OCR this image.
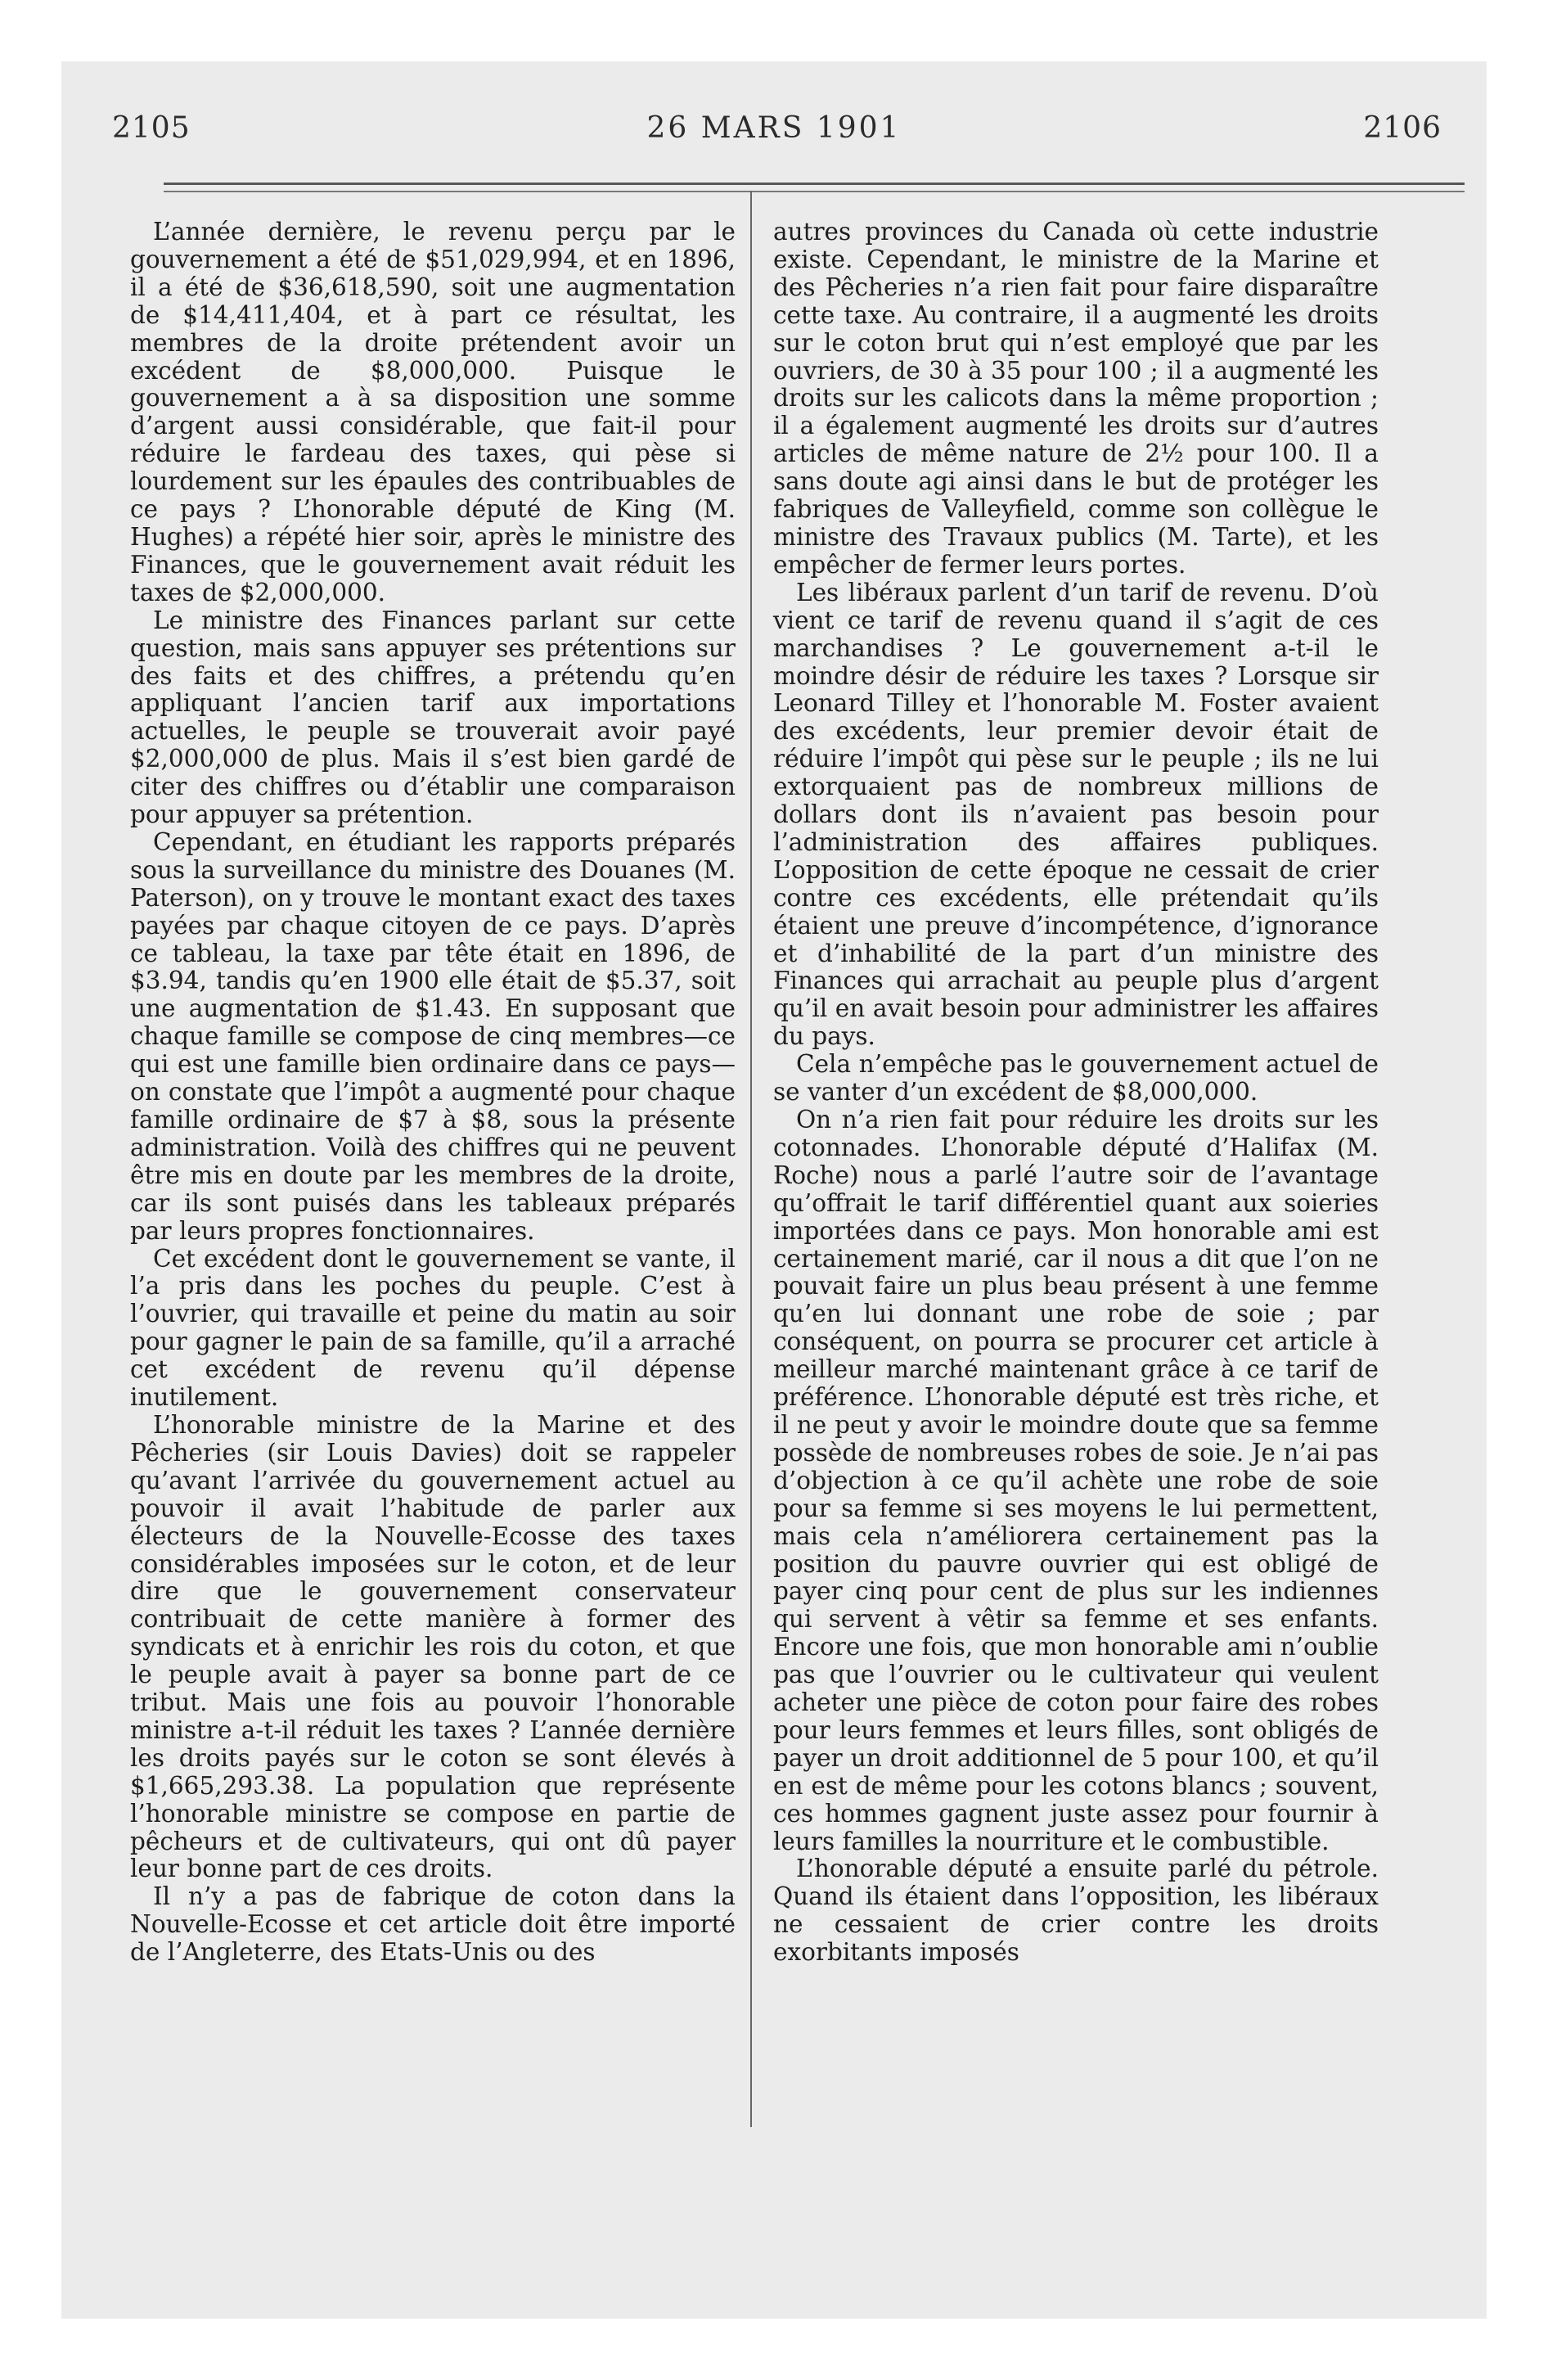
2105	26 MARS 1901	2106

L’année dernière, le revenu perçu par le gouvernement a été de $51,029,994, et en 1896, il a été de $36,618,590, soit une augmentation de $14,411,404, et à part ce résultat, les membres de la droite prétendent avoir un excédent de $8,000,000. Puisque le gouvernement a à sa disposition une somme d’argent aussi considérable, que fait-il pour réduire le fardeau des taxes, qui pèse si lourdement sur les épaules des contribuables de ce pays ? L’honorable député de King (M. Hughes) a répété hier soir, après le ministre des Finances, que le gouvernement avait réduit les taxes de $2,000,000.

Le ministre des Finances parlant sur cette question, mais sans appuyer ses prétentions sur des faits et des chiffres, a prétendu qu’en appliquant l’ancien tarif aux importations actuelles, le peuple se trouverait avoir payé $2,000,000 de plus. Mais il s’est bien gardé de citer des chiffres ou d’établir une comparaison pour appuyer sa prétention.

Cependant, en étudiant les rapports préparés sous la surveillance du ministre des Douanes (M. Paterson), on y trouve le montant exact des taxes payées par chaque citoyen de ce pays. D’après ce tableau, la taxe par tête était en 1896, de $3.94, tandis qu’en 1900 elle était de $5.37, soit une augmentation de $1.43. En supposant que chaque famille se compose de cinq membres—ce qui est une famille bien ordinaire dans ce pays—on constate que l’impôt a augmenté pour chaque famille ordinaire de $7 à $8, sous la présente administration. Voilà des chiffres qui ne peuvent être mis en doute par les membres de la droite, car ils sont puisés dans les tableaux préparés par leurs propres fonctionnaires.

Cet excédent dont le gouvernement se vante, il l’a pris dans les poches du peuple. C’est à l’ouvrier, qui travaille et peine du matin au soir pour gagner le pain de sa famille, qu’il a arraché cet excédent de revenu qu’il dépense inutilement.

L’honorable ministre de la Marine et des Pêcheries (sir Louis Davies) doit se rappeler qu’avant l’arrivée du gouvernement actuel au pouvoir il avait l’habitude de parler aux électeurs de la Nouvelle-Ecosse des taxes considérables imposées sur le coton, et de leur dire que le gouvernement conservateur contribuait de cette manière à former des syndicats et à enrichir les rois du coton, et que le peuple avait à payer sa bonne part de ce tribut. Mais une fois au pouvoir l’honorable ministre a-t-il réduit les taxes ? L’année dernière les droits payés sur le coton se sont élevés à $1,665,293.38. La population que représente l’honorable ministre se compose en partie de pêcheurs et de cultivateurs, qui ont dû payer leur bonne part de ces droits.

Il n’y a pas de fabrique de coton dans la Nouvelle-Ecosse et cet article doit être importé de l’Angleterre, des Etats-Unis ou des

autres provinces du Canada où cette industrie existe. Cependant, le ministre de la Marine et des Pêcheries n’a rien fait pour faire disparaître cette taxe. Au contraire, il a augmenté les droits sur le coton brut qui n’est employé que par les ouvriers, de 30 à 35 pour 100 ; il a augmenté les droits sur les calicots dans la même proportion ; il a également augmenté les droits sur d’autres articles de même nature de 2½ pour 100. Il a sans doute agi ainsi dans le but de protéger les fabriques de Valleyfield, comme son collègue le ministre des Travaux publics (M. Tarte), et les empêcher de fermer leurs portes.

Les libéraux parlent d’un tarif de revenu. D’où vient ce tarif de revenu quand il s’agit de ces marchandises ? Le gouvernement a-t-il le moindre désir de réduire les taxes ? Lorsque sir Leonard Tilley et l’honorable M. Foster avaient des excédents, leur premier devoir était de réduire l’impôt qui pèse sur le peuple ; ils ne lui extorquaient pas de nombreux millions de dollars dont ils n’avaient pas besoin pour l’administration des affaires publiques. L’opposition de cette époque ne cessait de crier contre ces excédents, elle prétendait qu’ils étaient une preuve d’incompétence, d’ignorance et d’inhabilité de la part d’un ministre des Finances qui arrachait au peuple plus d’argent qu’il en avait besoin pour administrer les affaires du pays.

Cela n’empêche pas le gouvernement actuel de se vanter d’un excédent de $8,000,000.

On n’a rien fait pour réduire les droits sur les cotonnades. L’honorable député d’Halifax (M. Roche) nous a parlé l’autre soir de l’avantage qu’offrait le tarif différentiel quant aux soieries importées dans ce pays. Mon honorable ami est certainement marié, car il nous a dit que l’on ne pouvait faire un plus beau présent à une femme qu’en lui donnant une robe de soie ; par conséquent, on pourra se procurer cet article à meilleur marché maintenant grâce à ce tarif de préférence. L’honorable député est très riche, et il ne peut y avoir le moindre doute que sa femme possède de nombreuses robes de soie. Je n’ai pas d’objection à ce qu’il achète une robe de soie pour sa femme si ses moyens le lui permettent, mais cela n’améliorera certainement pas la position du pauvre ouvrier qui est obligé de payer cinq pour cent de plus sur les indiennes qui servent à vêtir sa femme et ses enfants. Encore une fois, que mon honorable ami n’oublie pas que l’ouvrier ou le cultivateur qui veulent acheter une pièce de coton pour faire des robes pour leurs femmes et leurs filles, sont obligés de payer un droit additionnel de 5 pour 100, et qu’il en est de même pour les cotons blancs ; souvent, ces hommes gagnent juste assez pour fournir à leurs familles la nourriture et le combustible.

L’honorable député a ensuite parlé du pétrole. Quand ils étaient dans l’opposition, les libéraux ne cessaient de crier contre les droits exorbitants imposés
